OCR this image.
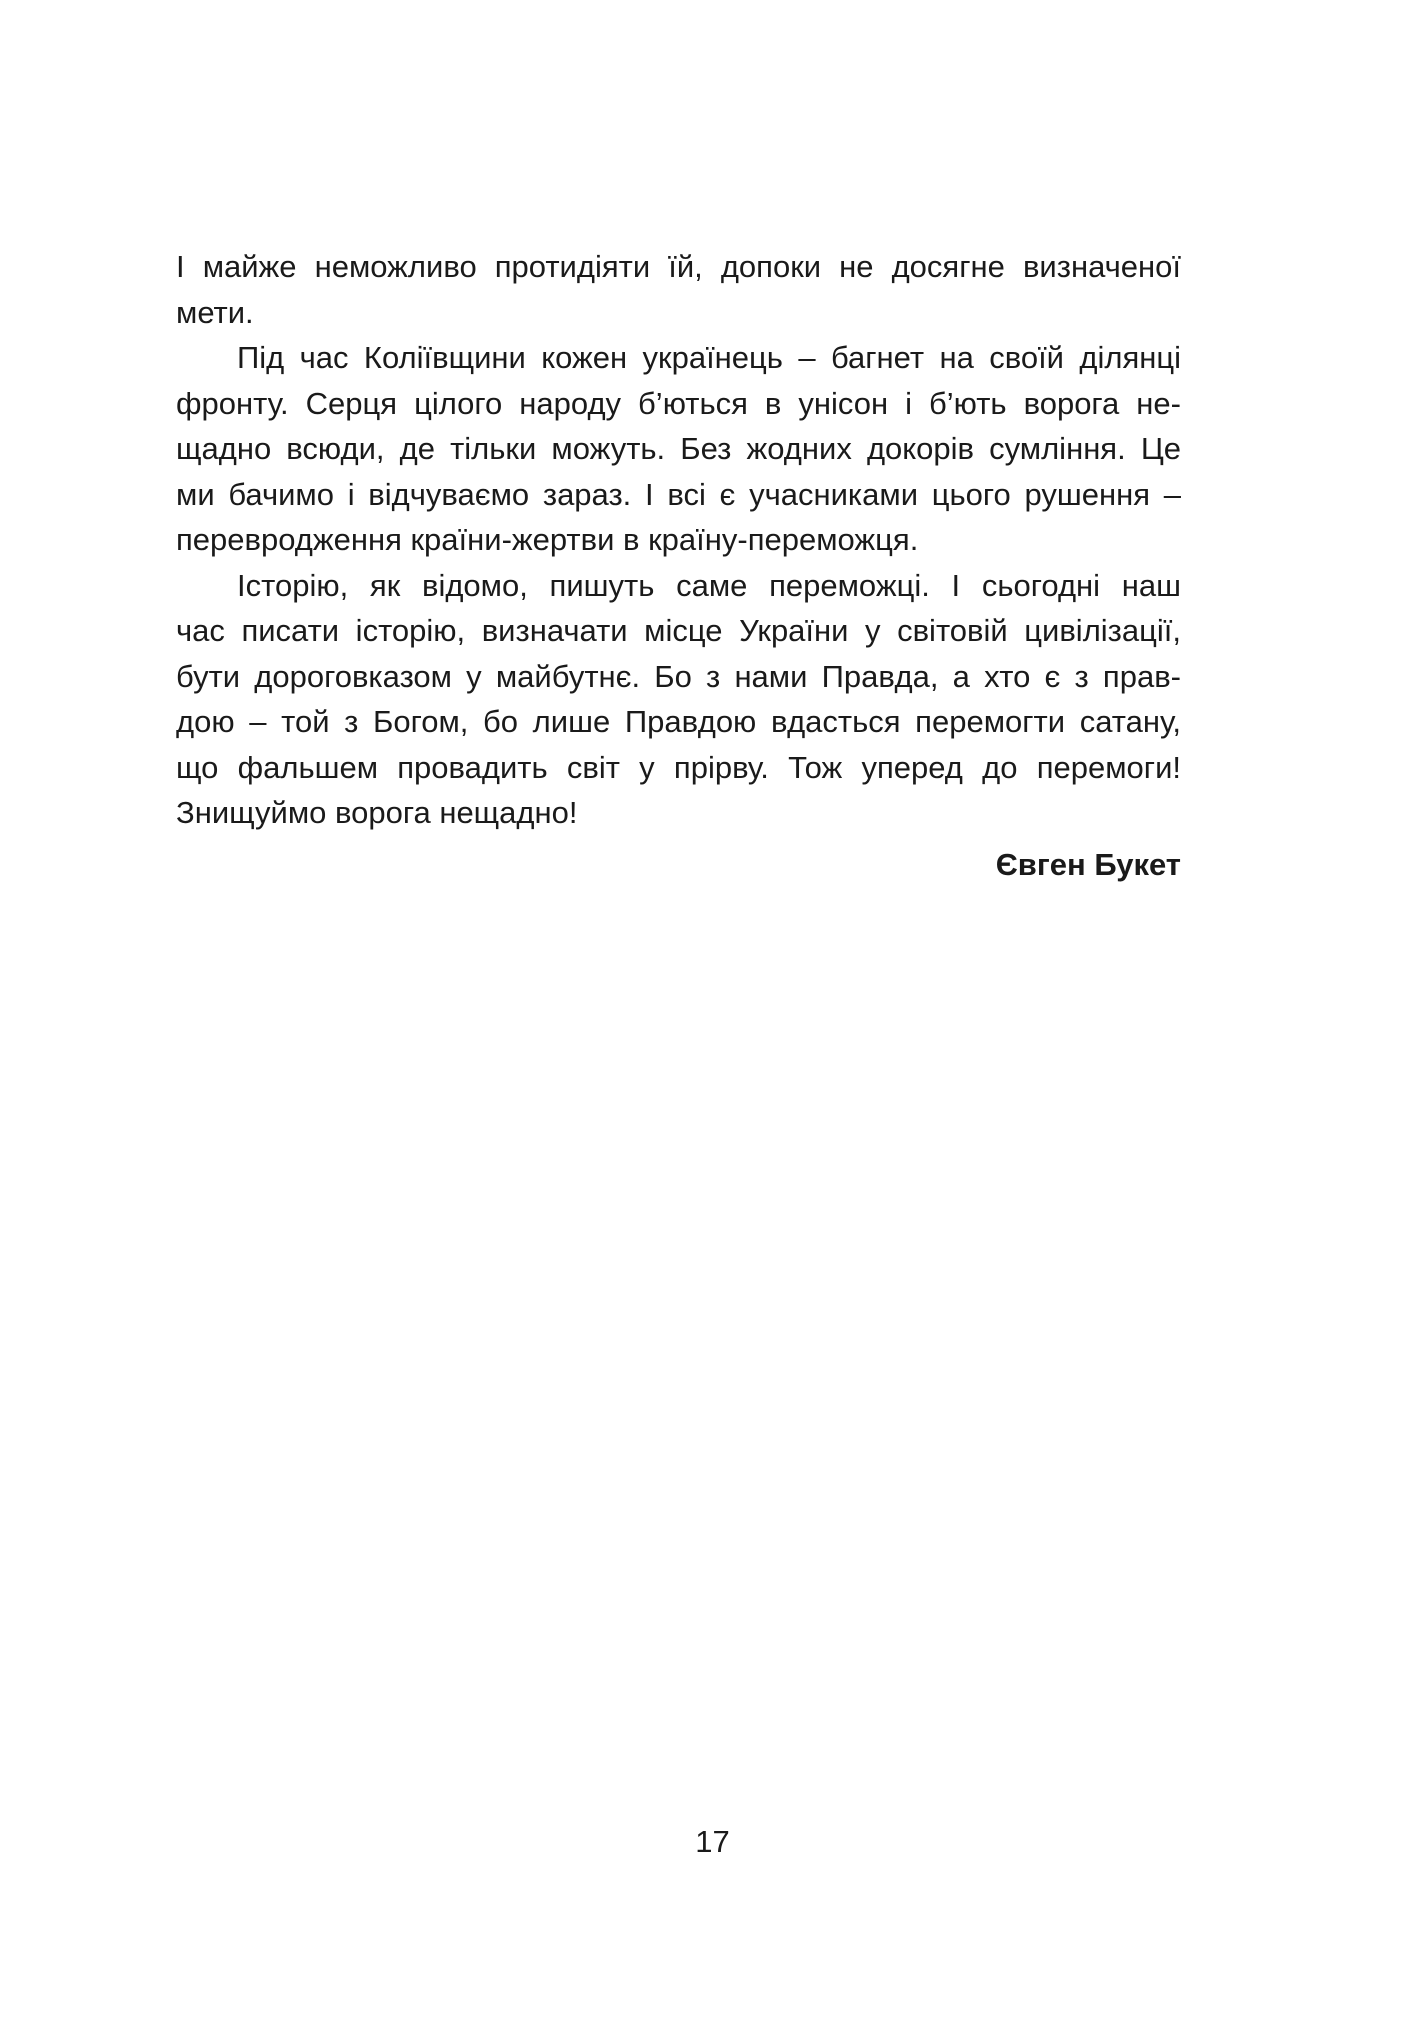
І майже неможливо протидіяти їй, допоки не досягне визначеної
мети.
Під час Коліївщини кожен українець – багнет на своїй ділянці
фронту. Серця цілого народу б’ються в унісон і б’ють ворога не-
щадно всюди, де тільки можуть. Без жодних докорів сумління. Це
ми бачимо і відчуваємо зараз. І всі є учасниками цього рушення –
перевродження країни-жертви в країну-переможця.
Історію, як відомо, пишуть саме переможці. І сьогодні наш
час писати історію, визначати місце України у світовій цивілізації,
бути дороговказом у майбутнє. Бо з нами Правда, а хто є з прав-
дою – той з Богом, бо лише Правдою вдасться перемогти сатану,
що фальшем провадить світ у прірву. Тож уперед до перемоги!
Знищуймо ворога нещадно!
Євген Букет
17
